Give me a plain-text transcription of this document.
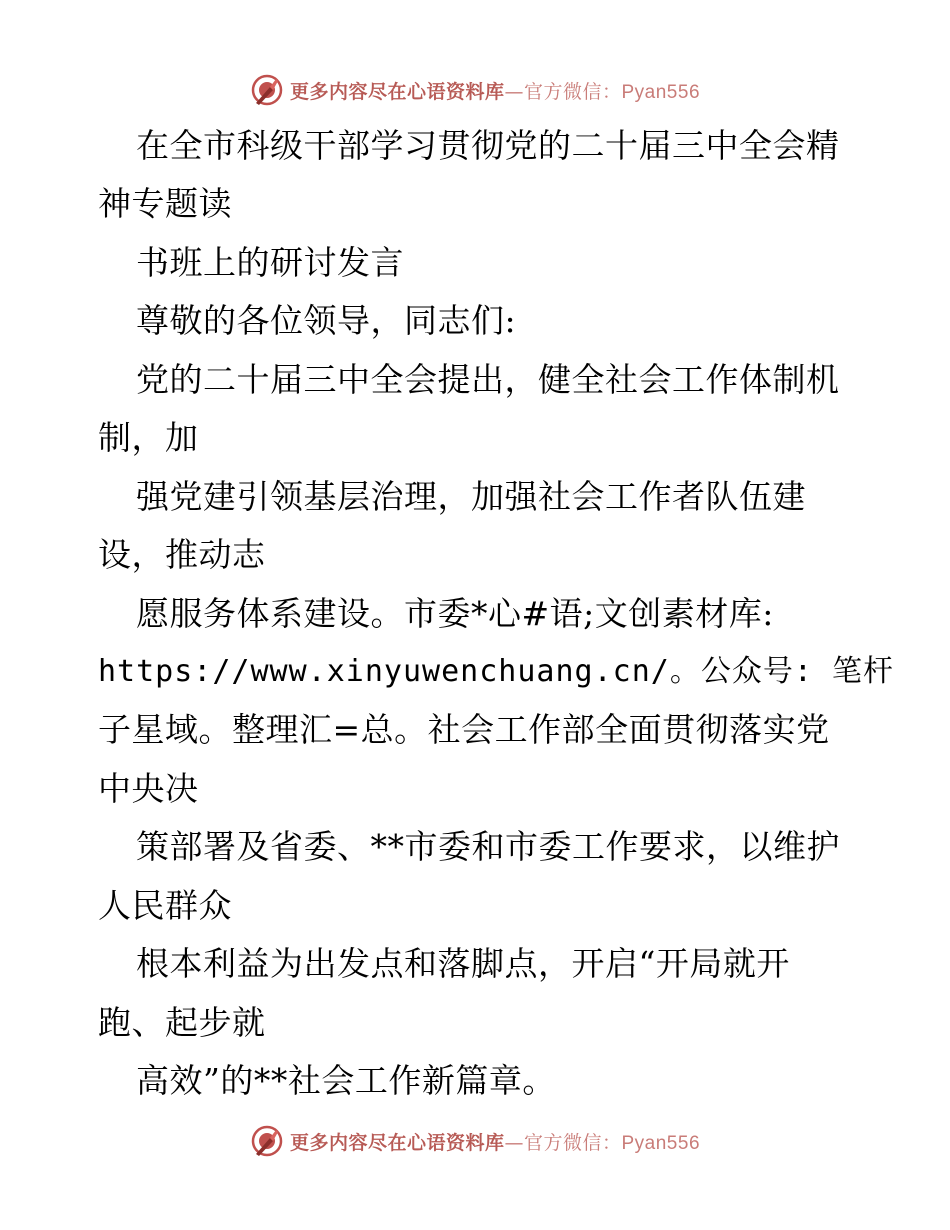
更多内容尽在心语资料库—官方微信：Pyan556
在全市科级干部学习贯彻党的二十届三中全会精
神专题读
书班上的研讨发言
尊敬的各位领导，同志们:
党的二十届三中全会提出，健全社会工作体制机
制，加
强党建引领基层治理，加强社会工作者队伍建
设，推动志
愿服务体系建设。市委*心#语;文创素材库:
https://www.xinyuwenchuang.cn/。公众号: 笔杆
子星域。整理汇=总。社会工作部全面贯彻落实党
中央决
策部署及省委、**市委和市委工作要求，以维护
人民群众
根本利益为出发点和落脚点，开启“开局就开
跑、起步就
高效”的**社会工作新篇章。
更多内容尽在心语资料库—官方微信：Pyan556
